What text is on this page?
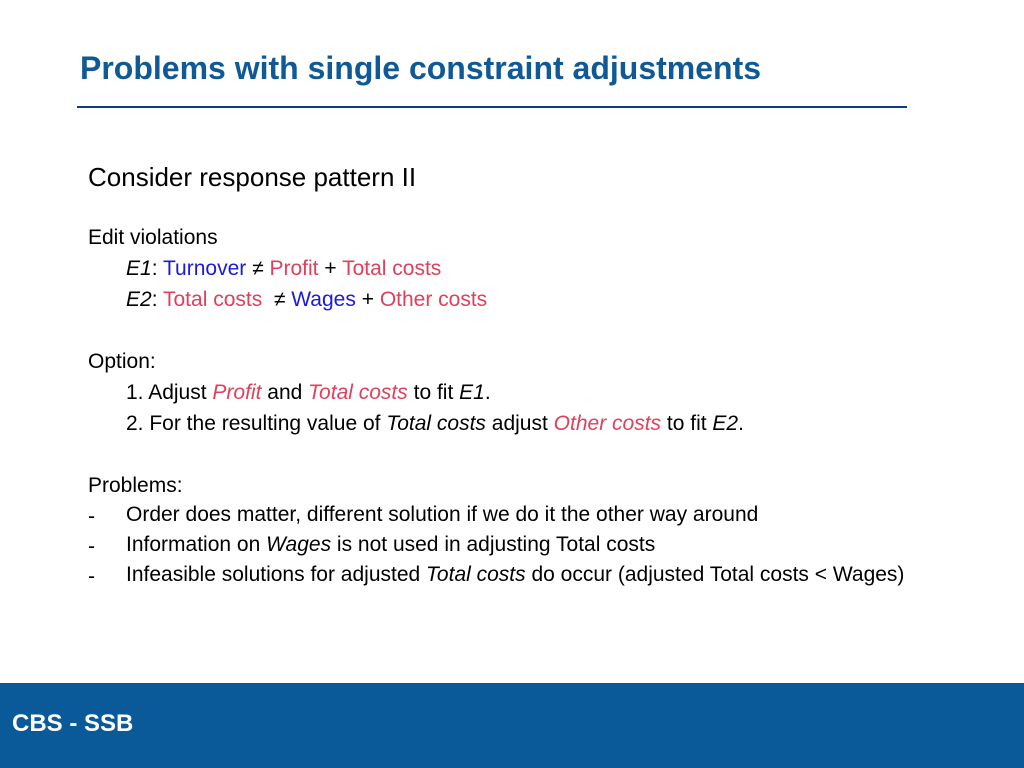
Problems with single constraint adjustments
Consider response pattern II
Edit violations
E1: Turnover ≠ Profit + Total costs
E2: Total costs ≠ Wages + Other costs
Option:
1. Adjust Profit and Total costs to fit E1.
2. For the resulting value of Total costs adjust Other costs to fit E2.
Problems:
- Order does matter, different solution if we do it the other way around
- Information on Wages is not used in adjusting Total costs
- Infeasible solutions for adjusted Total costs do occur (adjusted Total costs < Wages)
CBS - SSB
